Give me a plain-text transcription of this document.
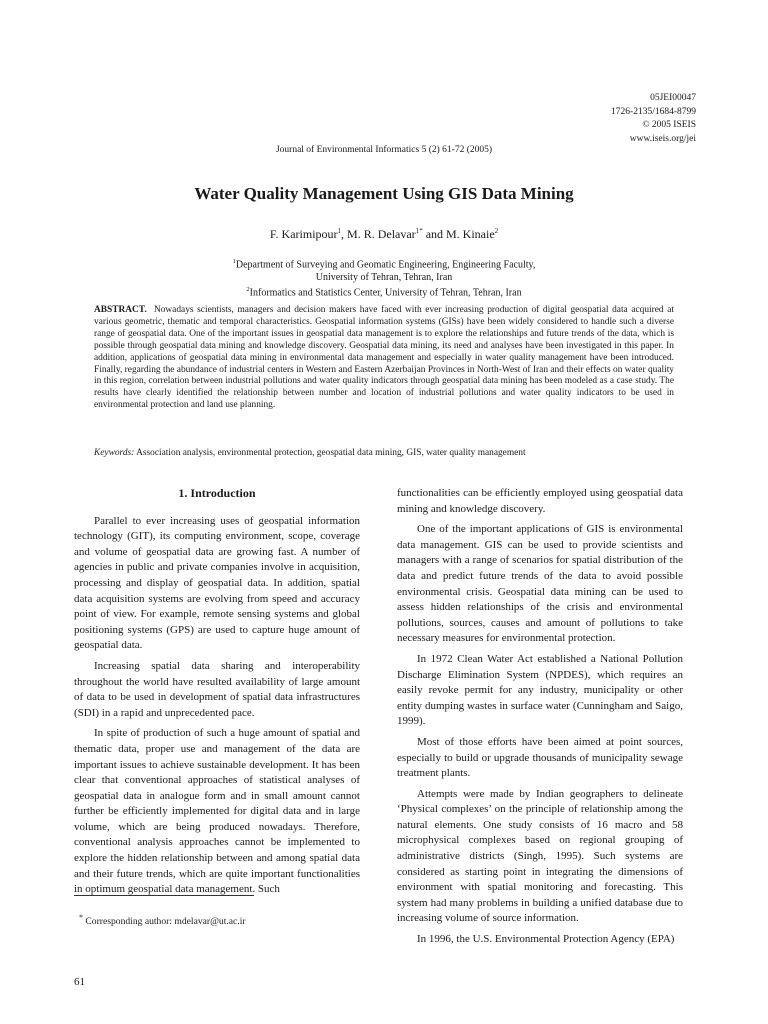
05JEI00047
1726-2135/1684-8799
© 2005 ISEIS
www.iseis.org/jei
Journal of Environmental Informatics 5 (2) 61-72 (2005)
Water Quality Management Using GIS Data Mining
F. Karimipour$^1$, M. R. Delavar$^{1*}$ and M. Kinaie$^2$
$^1$Department of Surveying and Geomatic Engineering, Engineering Faculty,
University of Tehran, Tehran, Iran
$^2$Informatics and Statistics Center, University of Tehran, Tehran, Iran

ABSTRACT. Nowadays scientists, managers and decision makers have faced with ever increasing production of digital geospatial data acquired at various geometric, thematic and temporal characteristics. Geospatial information systems (GISs) have been widely considered to handle such a diverse range of geospatial data. One of the important issues in geospatial data management is to explore the relationships and future trends of the data, which is possible through geospatial data mining and knowledge discovery. Geospatial data mining, its need and analyses have been investigated in this paper. In addition, applications of geospatial data mining in environmental data management and especially in water quality management have been introduced. Finally, regarding the abundance of industrial centers in Western and Eastern Azerbaijan Provinces in North-West of Iran and their effects on water quality in this region, correlation between industrial pollutions and water quality indicators through geospatial data mining has been modeled as a case study. The results have clearly identified the relationship between number and location of industrial pollutions and water quality indicators to be used in environmental protection and land use planning.

Keywords: Association analysis, environmental protection, geospatial data mining, GIS, water quality management

1. Introduction

Parallel to ever increasing uses of geospatial information technology (GIT), its computing environment, scope, coverage and volume of geospatial data are growing fast. A number of agencies in public and private companies involve in acquisition, processing and display of geospatial data. In addition, spatial data acquisition systems are evolving from speed and accuracy point of view. For example, remote sensing systems and global positioning systems (GPS) are used to capture huge amount of geospatial data.

Increasing spatial data sharing and interoperability throughout the world have resulted availability of large amount of data to be used in development of spatial data infrastructures (SDI) in a rapid and unprecedented pace.

In spite of production of such a huge amount of spatial and thematic data, proper use and management of the data are important issues to achieve sustainable development. It has been clear that conventional approaches of statistical analyses of geospatial data in analogue form and in small amount cannot further be efficiently implemented for digital data and in large volume, which are being produced nowadays. Therefore, conventional analysis approaches cannot be implemented to explore the hidden relationship between and among spatial data and their future trends, which are quite important functionalities in optimum geospatial data management. Such

functionalities can be efficiently employed using geospatial data mining and knowledge discovery.

One of the important applications of GIS is environmental data management. GIS can be used to provide scientists and managers with a range of scenarios for spatial distribution of the data and predict future trends of the data to avoid possible environmental crisis. Geospatial data mining can be used to assess hidden relationships of the crisis and environmental pollutions, sources, causes and amount of pollutions to take necessary measures for environmental protection.

In 1972 Clean Water Act established a National Pollution Discharge Elimination System (NPDES), which requires an easily revoke permit for any industry, municipality or other entity dumping wastes in surface water (Cunningham and Saigo, 1999).

Most of those efforts have been aimed at point sources, especially to build or upgrade thousands of municipality sewage treatment plants.

Attempts were made by Indian geographers to delineate ‘Physical complexes’ on the principle of relationship among the natural elements. One study consists of 16 macro and 58 microphysical complexes based on regional grouping of administrative districts (Singh, 1995). Such systems are considered as starting point in integrating the dimensions of environment with spatial monitoring and forecasting. This system had many problems in building a unified database due to increasing volume of source information.

In 1996, the U.S. Environmental Protection Agency (EPA)

* Corresponding author: mdelavar@ut.ac.ir
61
